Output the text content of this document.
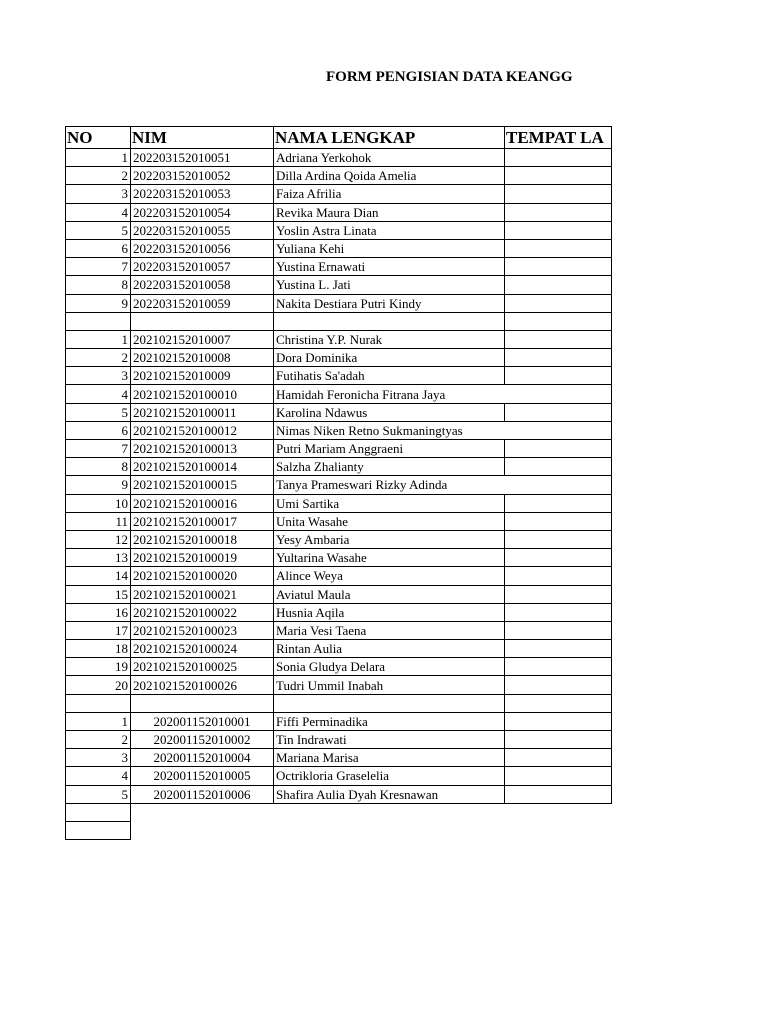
FORM PENGISIAN DATA KEANGG
NO	NIM	NAMA LENGKAP	TEMPAT LA
1	202203152010051	Adriana Yerkohok	
2	202203152010052	Dilla Ardina Qoida Amelia	
3	202203152010053	Faiza Afrilia	
4	202203152010054	Revika Maura Dian	
5	202203152010055	Yoslin Astra Linata	
6	202203152010056	Yuliana Kehi	
7	202203152010057	Yustina Ernawati	
8	202203152010058	Yustina L. Jati	
9	202203152010059	Nakita Destiara Putri Kindy	

1	202102152010007	Christina Y.P. Nurak	
2	202102152010008	Dora Dominika	
3	202102152010009	Futihatis Sa'adah	
4	2021021520100010	Hamidah Feronicha Fitrana Jaya	
5	2021021520100011	Karolina Ndawus	
6	2021021520100012	Nimas Niken Retno Sukmaningtyas	
7	2021021520100013	Putri Mariam Anggraeni	
8	2021021520100014	Salzha Zhalianty	
9	2021021520100015	Tanya Prameswari Rizky Adinda	
10	2021021520100016	Umi Sartika	
11	2021021520100017	Unita Wasahe	
12	2021021520100018	Yesy Ambaria	
13	2021021520100019	Yultarina Wasahe	
14	2021021520100020	Alince Weya	
15	2021021520100021	Aviatul Maula	
16	2021021520100022	Husnia Aqila	
17	2021021520100023	Maria Vesi Taena	
18	2021021520100024	Rintan Aulia	
19	2021021520100025	Sonia Gludya Delara	
20	2021021520100026	Tudri Ummil Inabah	

1	202001152010001	Fiffi Perminadika	
2	202001152010002	Tin Indrawati	
3	202001152010004	Mariana Marisa	
4	202001152010005	Octrikloria Graselelia	
5	202001152010006	Shafira Aulia Dyah Kresnawan	
